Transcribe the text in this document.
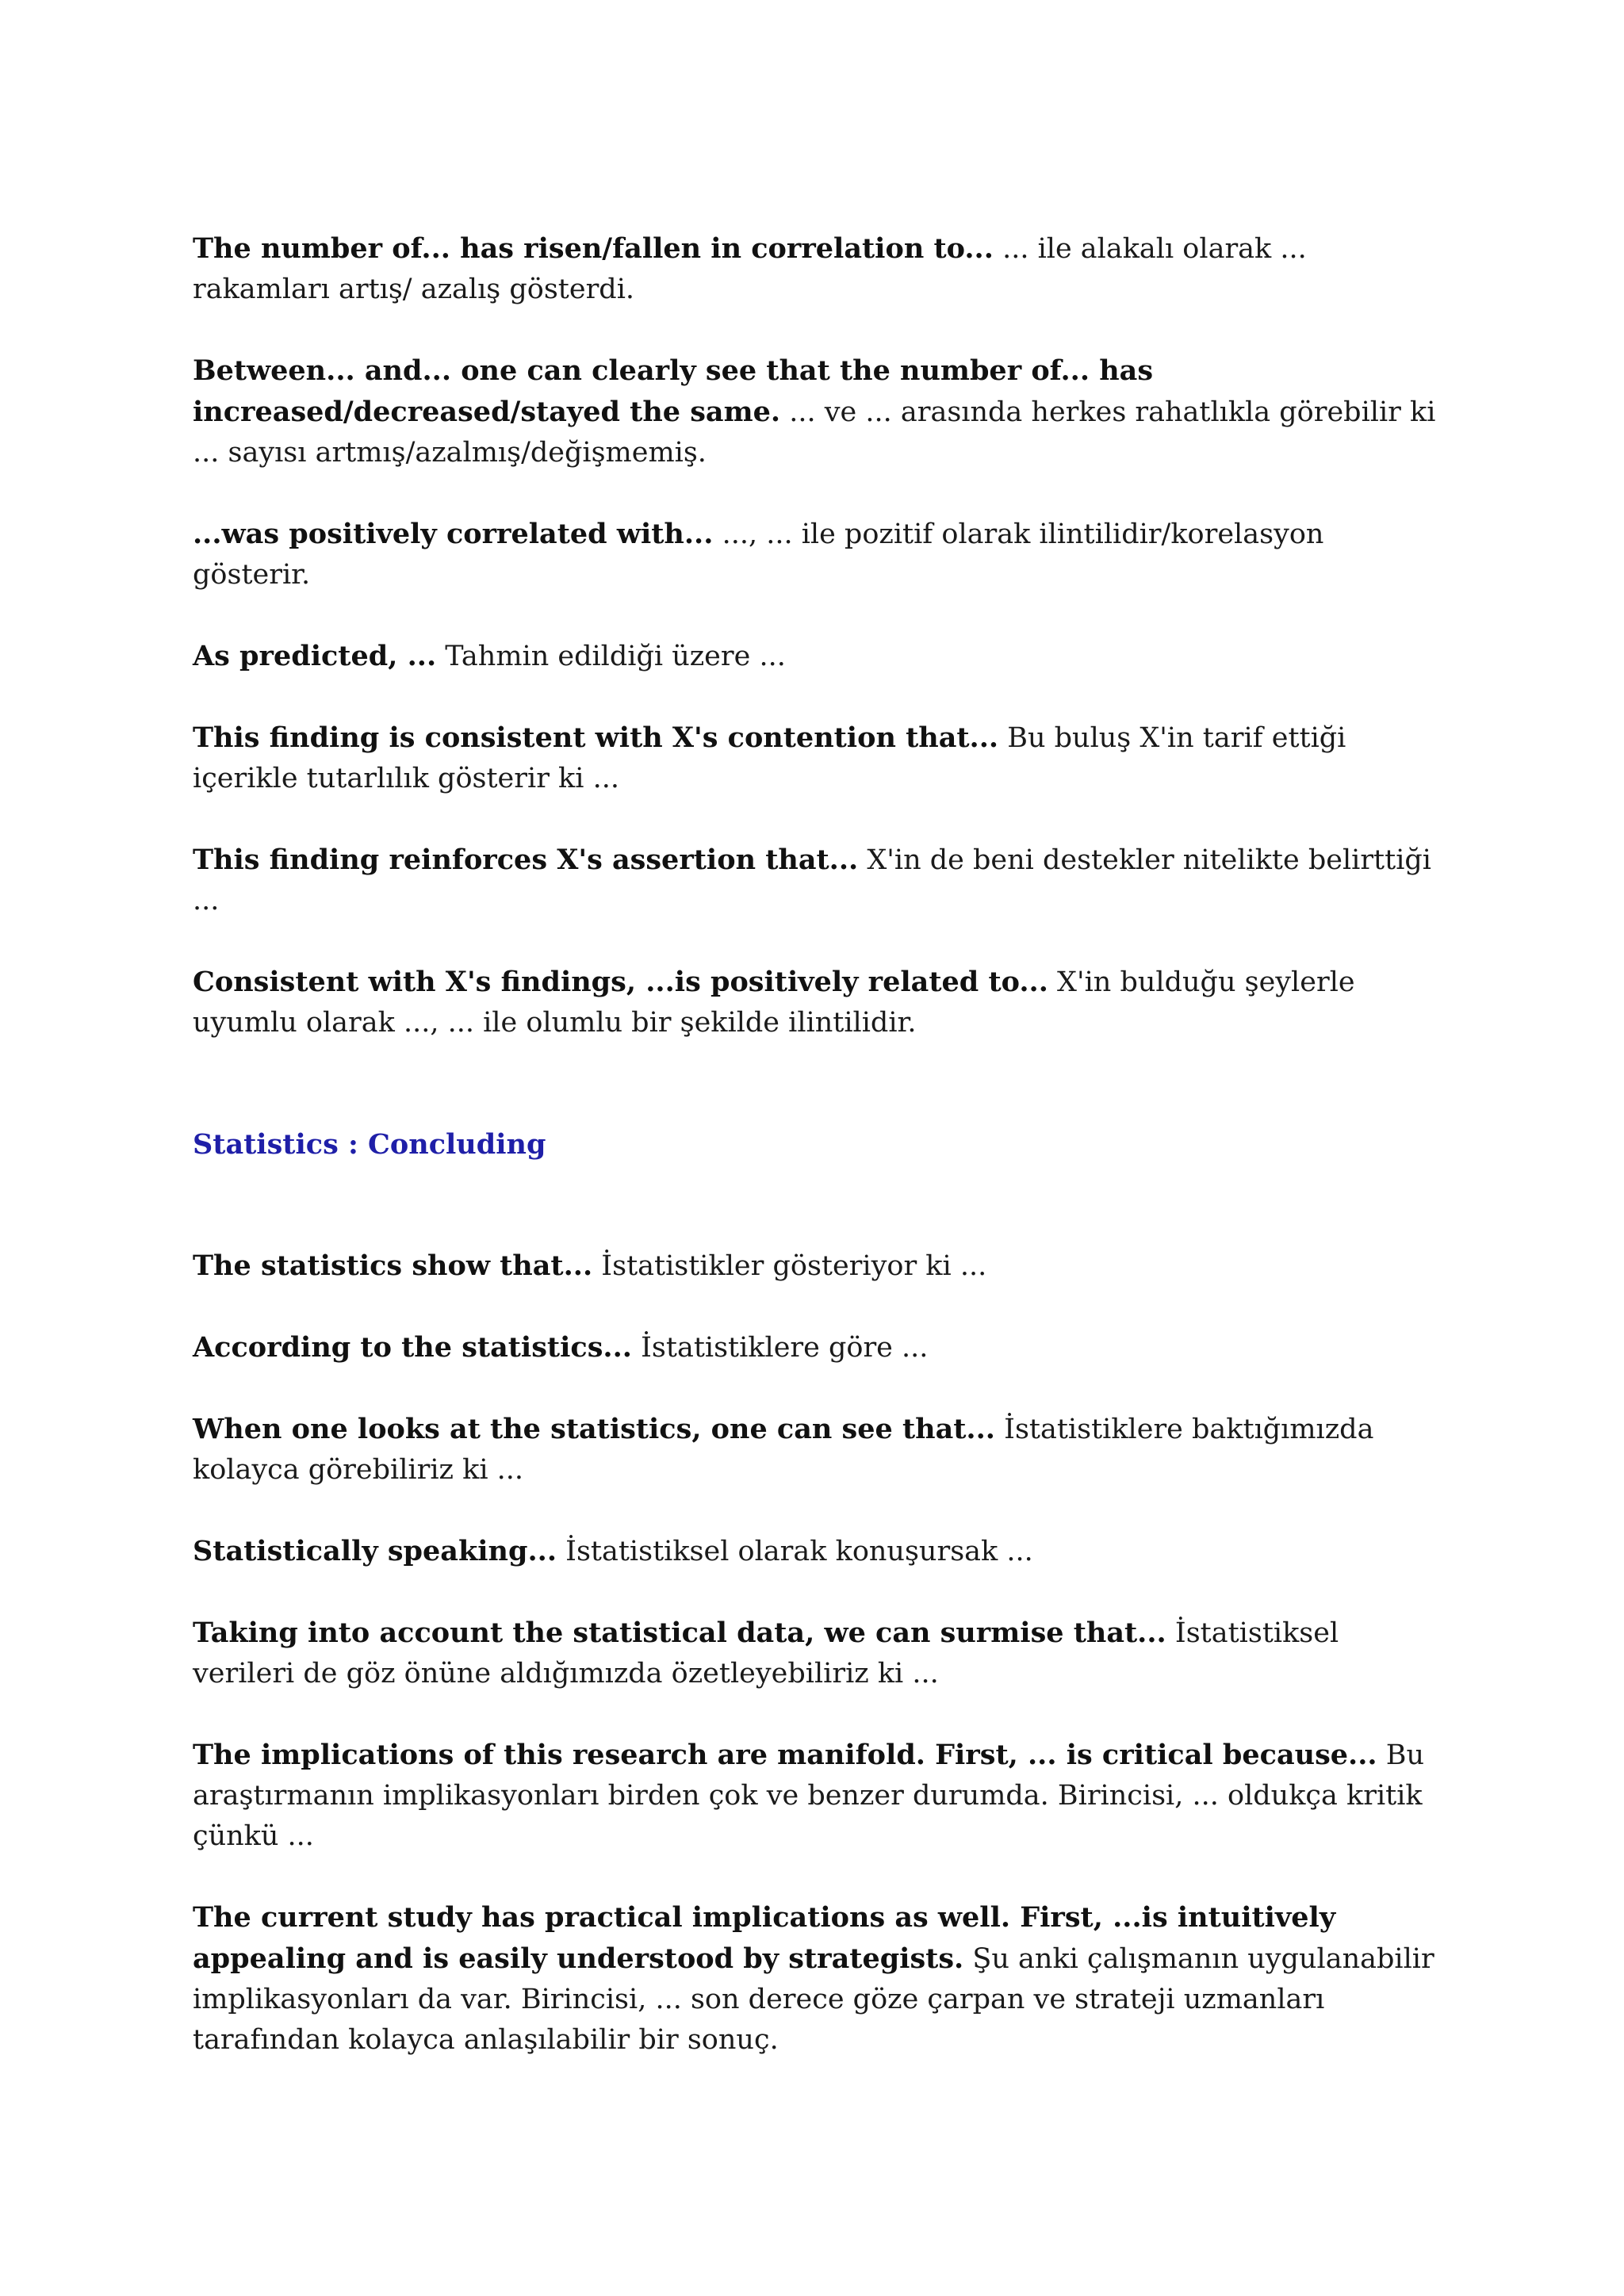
The number of... has risen/fallen in correlation to... ... ile alakalı olarak ... rakamları artış/ azalış gösterdi.

Between... and... one can clearly see that the number of... has increased/decreased/stayed the same. ... ve ... arasında herkes rahatlıkla görebilir ki ... sayısı artmış/azalmış/değişmemiş.

...was positively correlated with... ..., ... ile pozitif olarak ilintilidir/korelasyon gösterir.

As predicted, ... Tahmin edildiği üzere ...

This finding is consistent with X's contention that... Bu buluş X'in tarif ettiği içerikle tutarlılık gösterir ki ...

This finding reinforces X's assertion that... X'in de beni destekler nitelikte belirttiği ...

Consistent with X's findings, ...is positively related to... X'in bulduğu şeylerle uyumlu olarak ..., ... ile olumlu bir şekilde ilintilidir.

Statistics : Concluding

The statistics show that... İstatistikler gösteriyor ki ...

According to the statistics... İstatistiklere göre ...

When one looks at the statistics, one can see that... İstatistiklere baktığımızda kolayca görebiliriz ki ...

Statistically speaking... İstatistiksel olarak konuşursak ...

Taking into account the statistical data, we can surmise that... İstatistiksel verileri de göz önüne aldığımızda özetleyebiliriz ki ...

The implications of this research are manifold. First, ... is critical because... Bu araştırmanın implikasyonları birden çok ve benzer durumda. Birincisi, ... oldukça kritik çünkü ...

The current study has practical implications as well. First, ...is intuitively appealing and is easily understood by strategists. Şu anki çalışmanın uygulanabilir implikasyonları da var. Birincisi, ... son derece göze çarpan ve strateji uzmanları tarafından kolayca anlaşılabilir bir sonuç.
